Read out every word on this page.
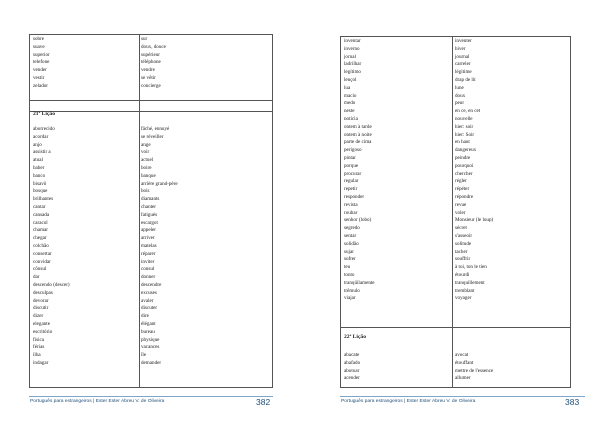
sobre
suave
superior
telefone
vender
vestir
zelador
sur
doux, douce
supérieur
téléphone
vendre
se vêtir
concierge
21ª Lição
aborrecido
acordar
anjo
assistir a
atual
baber
banco
bisavô
bosque
brilhantes
cantar
cansada
caracol
chamar
chegar
colchão
consertar
convidar
cônsul
dar
descendo (descer)
desculpas
devorar
discutir
dizer
elegante
escritório
física
férias
ilha
indagar
fâché, ennuyé
se réveiller
ange
voir
actuel
boire
banque
arrière grand-père
bois
diamants
chanter
fatigués
escargot
appeler
arriver
matelas
réparer
inviter
consul
donner
descendre
excuses
avaler
discuter
dire
élégant
bureau
physique
vacances
île
demander
Português para estrangeiros | Ester Ester Abreu V. de Oliveira	382
inventar
inverno
jornal
ladrilhar
legítimo
lençol
lua
macio
medo
neste
notícia
ontem à tarde
ontem à noite
parte de cima
perigoso
pintar
porque
procurar
regular
repetir
responder
revista
roubar
senhor (lobo)
segredo
sentar
solidão
sujar
sofrer
teu
tonto
tranqüilamente
trêmulo
viajar
inventer
hiver
journal
carreler
légitime
drap de lit
lune
doux
peur
en ce, en cet
nouvelle
hier: soir
hier: Soir
en haut
dangereux
peindre
pourquoi
chercher
régler
répéter
répondre
revue
voler
Monsieur (le loup)
sécret
s'asseoir
solitude
tacher
souffrir
à toi, ton le tien
étourdi
tranquillement
tremblant
voyager
22ª Lição
abacate
abafado
abotoar
acender
avocat
étouffant
mettre de l'essence
allumer
Português para estrangeiros | Ester Ester Abreu V. de Oliveira	383
